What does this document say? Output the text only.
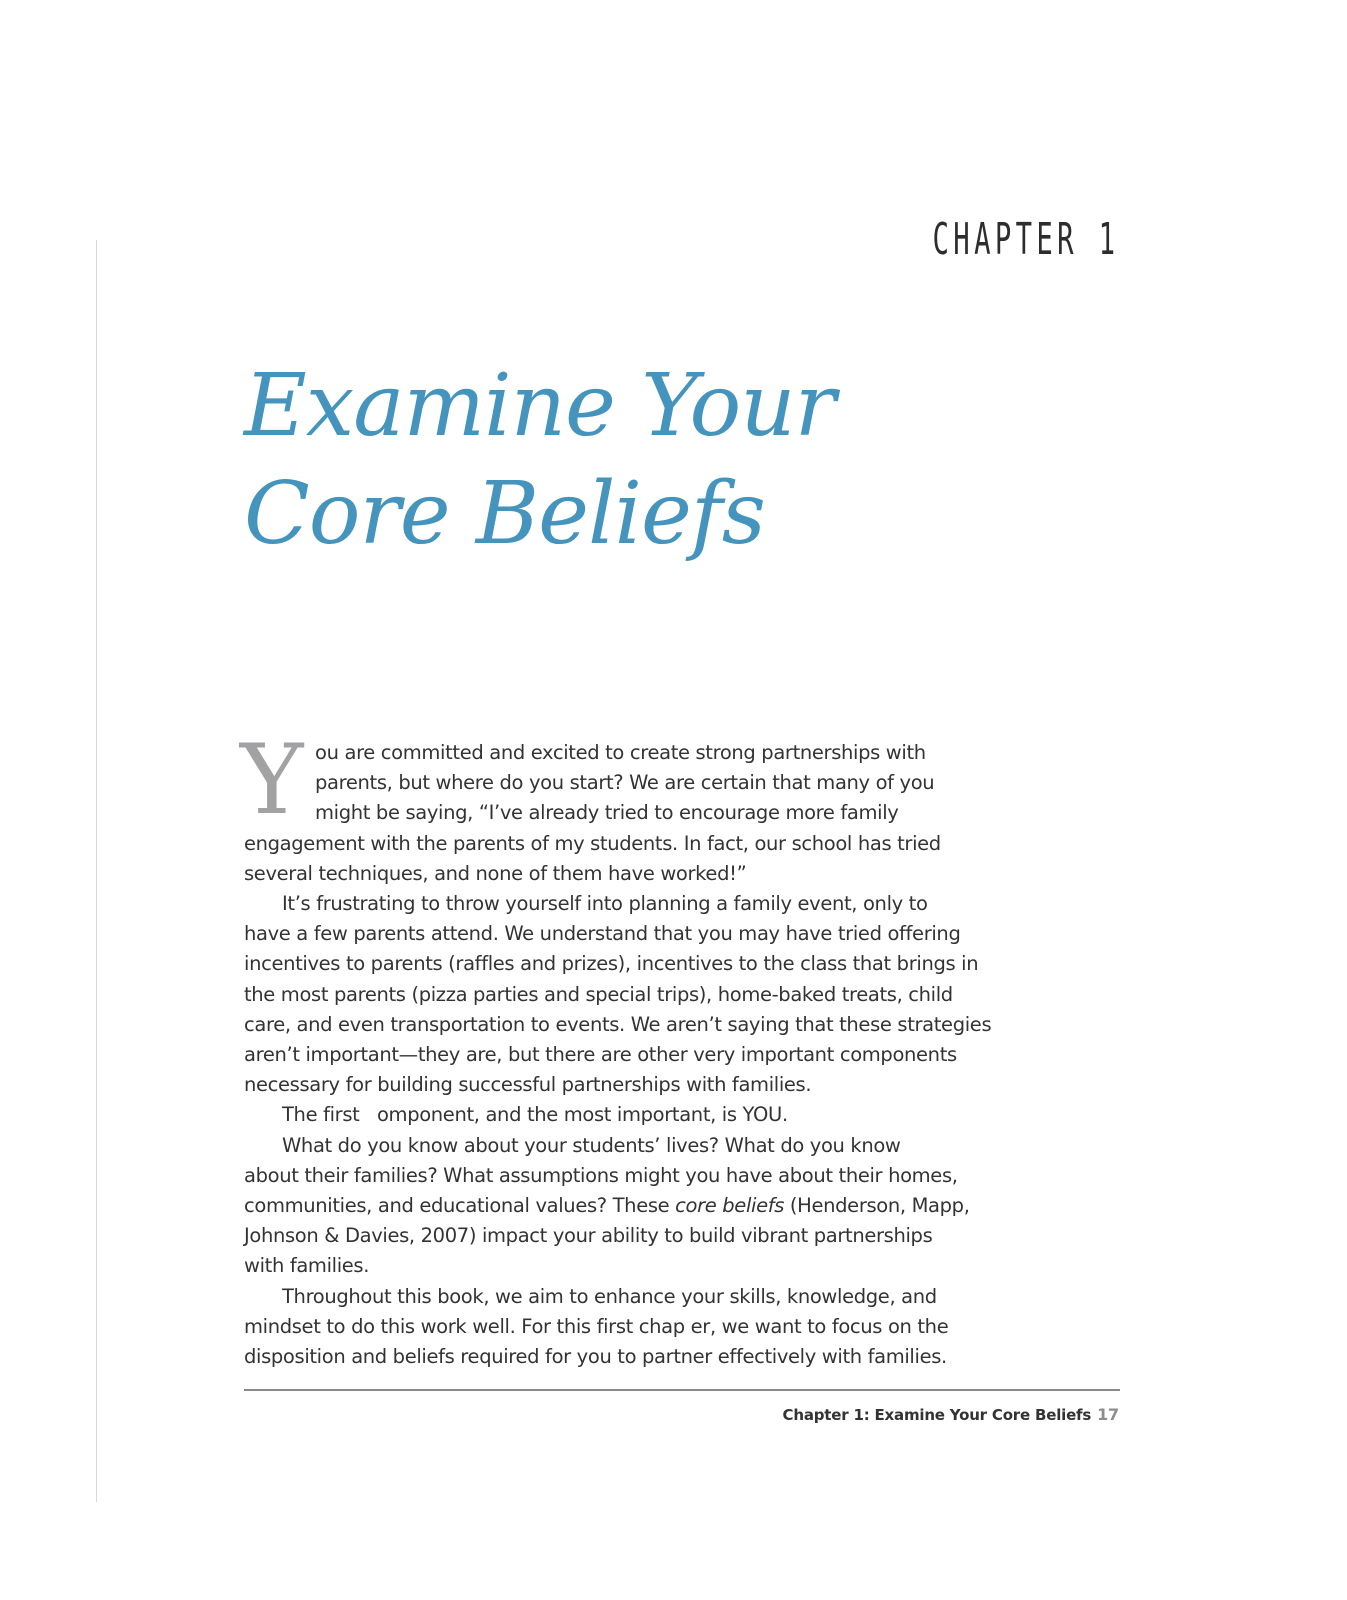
CHAPTER 1
Examine Your
Core Beliefs

Y ou are committed and excited to create strong partnerships with
parents, but where do you start? We are certain that many of you
might be saying, “I’ve already tried to encourage more family
engagement with the parents of my students. In fact, our school has tried
several techniques, and none of them have worked!”

It’s frustrating to throw yourself into planning a family event, only to
have a few parents attend. We understand that you may have tried offering
incentives to parents (raffles and prizes), incentives to the class that brings in
the most parents (pizza parties and special trips), home-baked treats, child
care, and even transportation to events. We aren’t saying that these strategies
aren’t important—they are, but there are other very important components
necessary for building successful partnerships with families.

The first   omponent, and the most important, is YOU.

What do you know about your students’ lives? What do you know
about their families? What assumptions might you have about their homes,
communities, and educational values? These core beliefs (Henderson, Mapp,
Johnson & Davies, 2007) impact your ability to build vibrant partnerships
with families.

Throughout this book, we aim to enhance your skills, knowledge, and
mindset to do this work well. For this first chap er, we want to focus on the
disposition and beliefs required for you to partner effectively with families.

Chapter 1: Examine Your Core Beliefs 17
